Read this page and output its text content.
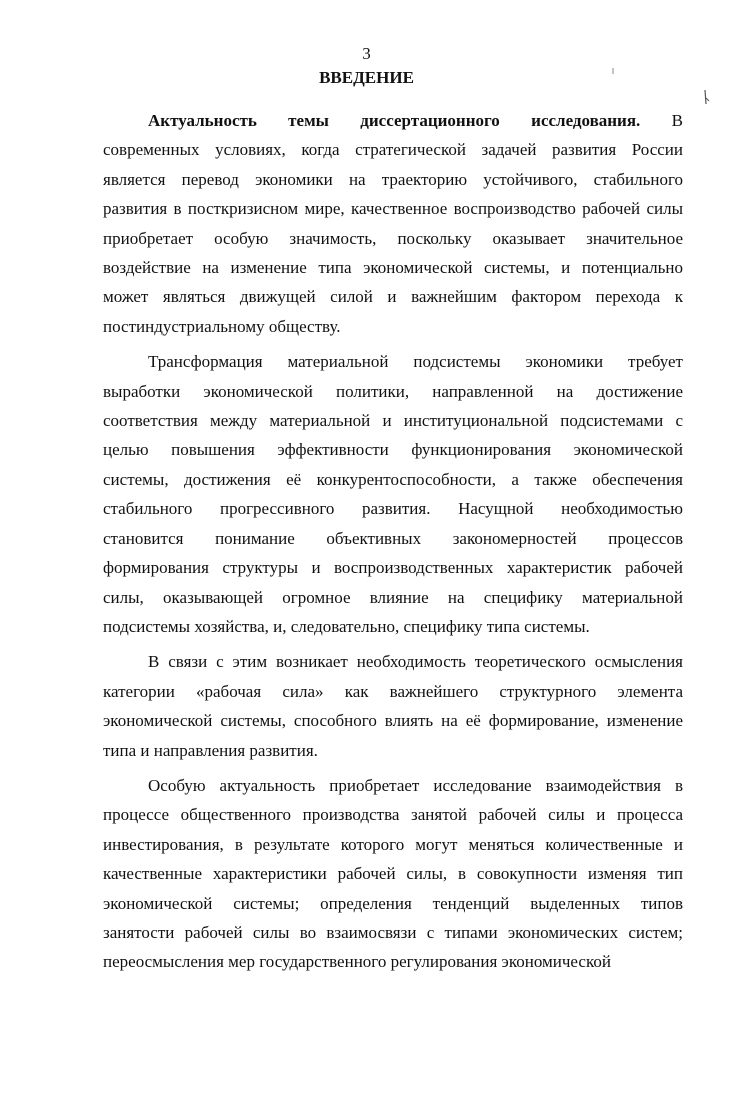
3
ВВЕДЕНИЕ
Актуальность темы диссертационного исследования. В
современных условиях, когда стратегической задачей развития России
является перевод экономики на траекторию устойчивого, стабильного
развития в посткризисном мире, качественное воспроизводство рабочей силы
приобретает особую значимость, поскольку оказывает значительное
воздействие на изменение типа экономической системы, и потенциально
может являться движущей силой и важнейшим фактором перехода к
постиндустриальному обществу.
Трансформация материальной подсистемы экономики требует
выработки экономической политики, направленной на достижение
соответствия между материальной и институциональной подсистемами с
целью повышения эффективности функционирования экономической
системы, достижения её конкурентоспособности, а также обеспечения
стабильного прогрессивного развития. Насущной необходимостью
становится понимание объективных закономерностей процессов
формирования структуры и воспроизводственных характеристик рабочей
силы, оказывающей огромное влияние на специфику материальной
подсистемы хозяйства, и, следовательно, специфику типа системы.
В связи с этим возникает необходимость теоретического осмысления
категории «рабочая сила» как важнейшего структурного элемента
экономической системы, способного влиять на её формирование, изменение
типа и направления развития.
Особую актуальность приобретает исследование взаимодействия в
процессе общественного производства занятой рабочей силы и процесса
инвестирования, в результате которого могут меняться количественные и
качественные характеристики рабочей силы, в совокупности изменяя тип
экономической системы; определения тенденций выделенных типов
занятости рабочей силы во взаимосвязи с типами экономических систем;
переосмысления мер государственного регулирования экономической
